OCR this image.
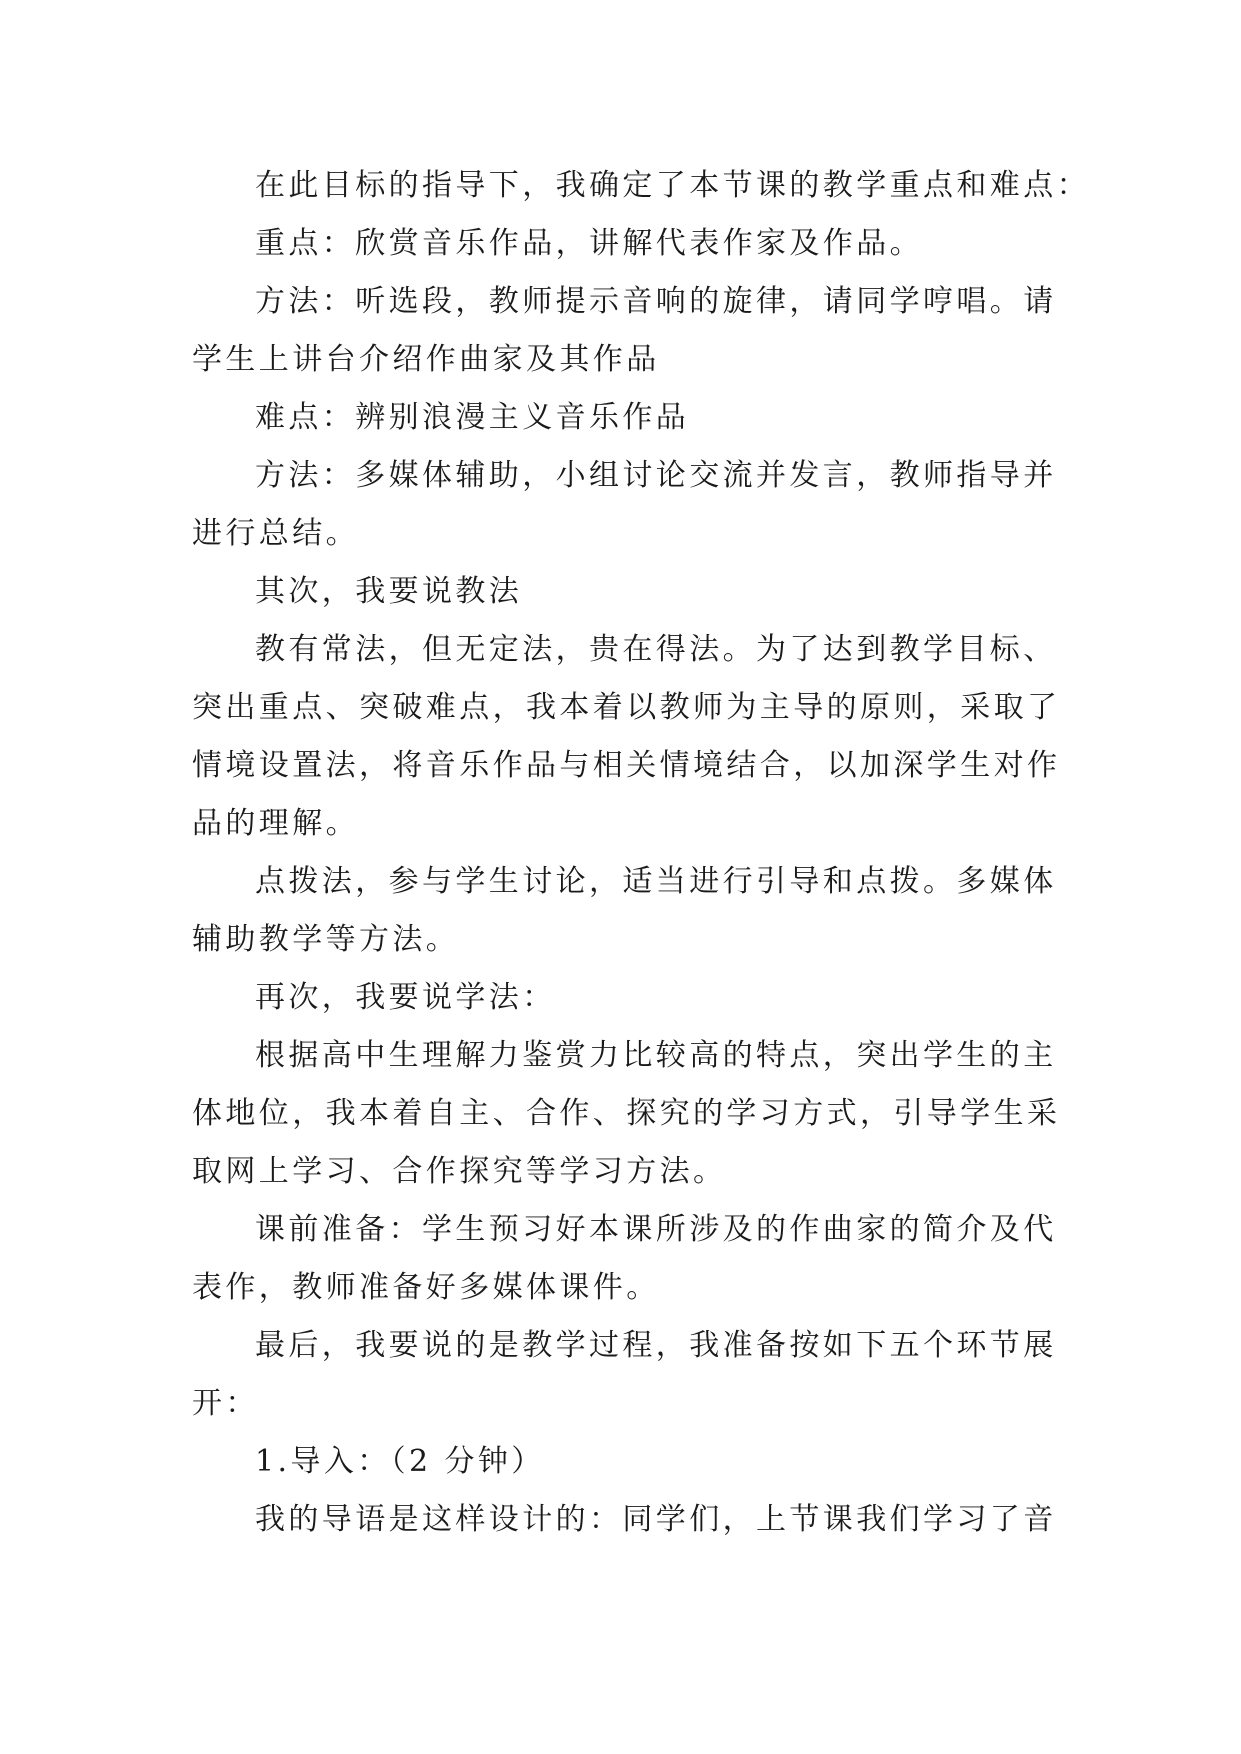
在此目标的指导下，我确定了本节课的教学重点和难点：
重点：欣赏音乐作品，讲解代表作家及作品。
方法：听选段，教师提示音响的旋律，请同学哼唱。请
学生上讲台介绍作曲家及其作品
难点：辨别浪漫主义音乐作品
方法：多媒体辅助，小组讨论交流并发言，教师指导并
进行总结。
其次，我要说教法
教有常法，但无定法，贵在得法。为了达到教学目标、
突出重点、突破难点，我本着以教师为主导的原则，采取了
情境设置法，将音乐作品与相关情境结合，以加深学生对作
品的理解。
点拨法，参与学生讨论，适当进行引导和点拨。多媒体
辅助教学等方法。
再次，我要说学法：
根据高中生理解力鉴赏力比较高的特点，突出学生的主
体地位，我本着自主、合作、探究的学习方式，引导学生采
取网上学习、合作探究等学习方法。
课前准备：学生预习好本课所涉及的作曲家的简介及代
表作，教师准备好多媒体课件。
最后，我要说的是教学过程，我准备按如下五个环节展
开：
1.导入：（2 分钟）
我的导语是这样设计的：同学们，上节课我们学习了音
